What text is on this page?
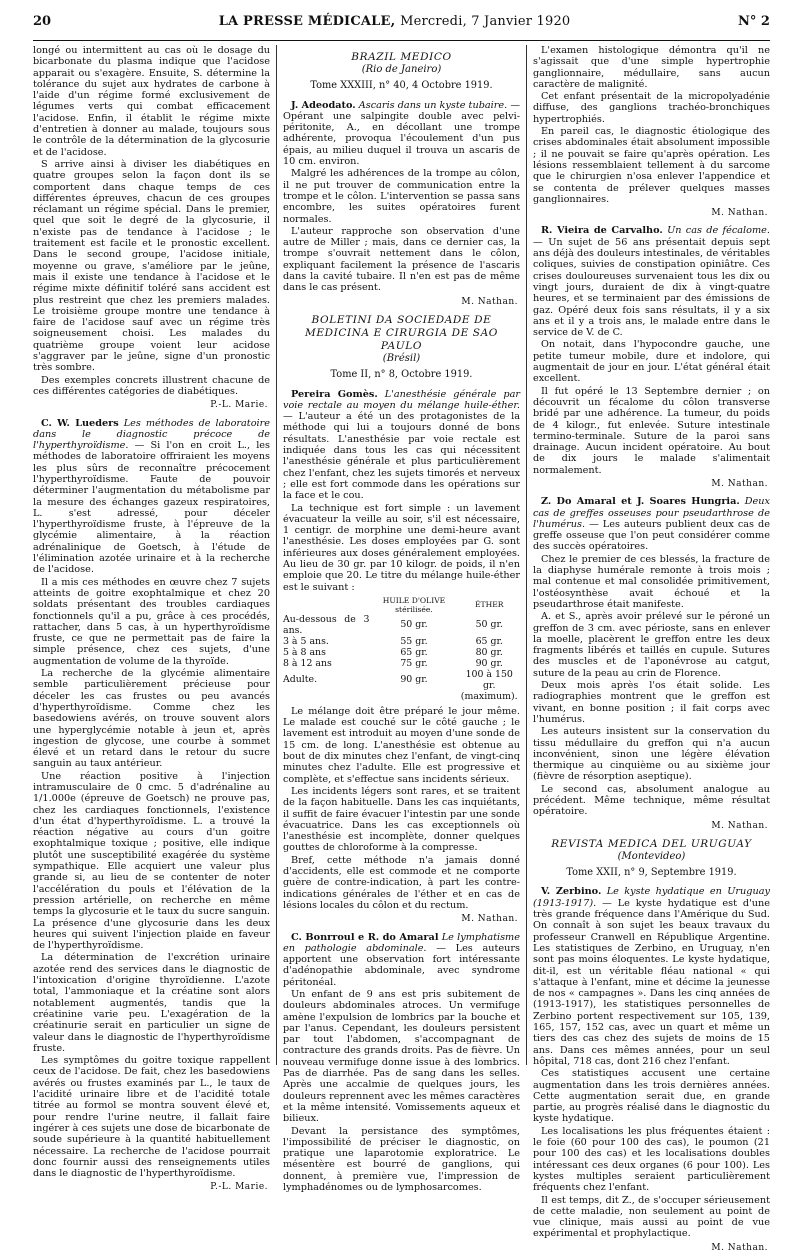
20	LA PRESSE MÉDICALE, Mercredi, 7 Janvier 1920	N° 2

longé ou intermittent au cas où le dosage du bicarbonate du plasma indique que l'acidose apparait ou s'exagère. Ensuite, S. détermine la tolérance du sujet aux hydrates de carbone à l'aide d'un régime formé exclusivement de légumes verts qui combat efficacement l'acidose. Enfin, il établit le régime mixte d'entretien à donner au malade, toujours sous le contrôle de la détermination de la glycosurie et de l'acidose.

S arrive ainsi à diviser les diabétiques en quatre groupes selon la façon dont ils se comportent dans chaque temps de ces différentes épreuves, chacun de ces groupes réclamant un régime spécial. Dans le premier, quel que soit le degré de la glycosurie, il n'existe pas de tendance à l'acidose ; le traitement est facile et le pronostic excellent. Dans le second groupe, l'acidose initiale, moyenne ou grave, s'améliore par le jeûne, mais il existe une tendance à l'acidose et le régime mixte définitif toléré sans accident est plus restreint que chez les premiers malades. Le troisième groupe montre une tendance à faire de l'acidose sauf avec un régime très soigneusement choisi. Les malades du quatrième groupe voient leur acidose s'aggraver par le jeûne, signe d'un pronostic très sombre.

Des exemples concrets illustrent chacune de ces différentes catégories de diabétiques.

P.-L. Marie.

C. W. Lueders Les méthodes de laboratoire dans le diagnostic précoce de l'hyperthyroïdisme. — Si l'on en croit L., les méthodes de laboratoire offriraient les moyens les plus sûrs de reconnaître précocement l'hyperthyroïdisme. Faute de pouvoir déterminer l'augmentation du métabolisme par la mesure des échanges gazeux respiratoires, L. s'est adressé, pour déceler l'hyperthyroïdisme fruste, à l'épreuve de la glycémie alimentaire, à la réaction adrénalinique de Goetsch, à l'étude de l'élimination azotée urinaire et à la recherche de l'acidose.

Il a mis ces méthodes en œuvre chez 7 sujets atteints de goitre exophtalmique et chez 20 soldats présentant des troubles cardiaques fonctionnels qu'il a pu, grâce à ces procédés, rattacher, dans 5 cas, à un hyperthyroïdisme fruste, ce que ne permettait pas de faire la simple présence, chez ces sujets, d'une augmentation de volume de la thyroïde.

La recherche de la glycémie alimentaire semble particulièrement précieuse pour déceler les cas frustes ou peu avancés d'hyperthyroïdisme. Comme chez les basedowiens avérés, on trouve souvent alors une hyperglycémie notable à jeun et, après ingestion de glycose, une courbe à sommet élevé et un retard dans le retour du sucre sanguin au taux antérieur.

Une réaction positive à l'injection intramusculaire de 0 cmc. 5 d'adrénaline au 1/1.000e (épreuve de Goetsch) ne prouve pas, chez les cardiaques fonctionnels, l'existence d'un état d'hyperthyroïdisme. L. a trouvé la réaction négative au cours d'un goitre exophtalmique toxique ; positive, elle indique plutôt une susceptibilité exagérée du système sympathique. Elle acquiert une valeur plus grande si, au lieu de se contenter de noter l'accélération du pouls et l'élévation de la pression artérielle, on recherche en même temps la glycosurie et le taux du sucre sanguin. La présence d'une glycosurie dans les deux heures qui suivent l'injection plaide en faveur de l'hyperthyroïdisme.

La détermination de l'excrétion urinaire azotée rend des services dans le diagnostic de l'intoxication d'origine thyroïdienne. L'azote total, l'ammoniaque et la créatine sont alors notablement augmentés, tandis que la créatinine varie peu. L'exagération de la créatinurie serait en particulier un signe de valeur dans le diagnostic de l'hyperthyroïdisme fruste.

Les symptômes du goitre toxique rappellent ceux de l'acidose. De fait, chez les basedowiens avérés ou frustes examinés par L., le taux de l'acidité urinaire libre et de l'acidité totale titrée au formol se montra souvent élevé et, pour rendre l'urine neutre, il fallait faire ingérer à ces sujets une dose de bicarbonate de soude supérieure à la quantité habituellement nécessaire. La recherche de l'acidose pourrait donc fournir aussi des renseignements utiles dans le diagnostic de l'hyperthyroïdisme.

P.-L. Marie.
BRAZIL MEDICO
(Rio de Janeiro)
Tome XXXIII, n° 40, 4 Octobre 1919.

J. Adeodato. Ascaris dans un kyste tubaire. — Opérant une salpingite double avec pelvi-péritonite, A., en décollant une trompe adhérente, provoqua l'écoulement d'un pus épais, au milieu duquel il trouva un ascaris de 10 cm. environ.

Malgré les adhérences de la trompe au côlon, il ne put trouver de communication entre la trompe et le côlon. L'intervention se passa sans encombre, les suites opératoires furent normales.

L'auteur rapproche son observation d'une autre de Miller ; mais, dans ce dernier cas, la trompe s'ouvrait nettement dans le côlon, expliquant facilement la présence de l'ascaris dans la cavité tubaire. Il n'en est pas de même dans le cas présent.

M. Nathan.
BOLETINI DA SOCIEDADE DE MEDICINA E CIRURGIA DE SAO PAULO
(Brésil)
Tome II, n° 8, Octobre 1919.

Pereira Gomès. L'anesthésie générale par voie rectale au moyen du mélange huile-éther. — L'auteur a été un des protagonistes de la méthode qui lui a toujours donné de bons résultats. L'anesthésie par voie rectale est indiquée dans tous les cas qui nécessitent l'anesthésie générale et plus particulièrement chez l'enfant, chez les sujets timorés et nerveux ; elle est fort commode dans les opérations sur la face et le cou.

La technique est fort simple : un lavement évacuateur la veille au soir, s'il est nécessaire, 1 centigr. de morphine une demi-heure avant l'anesthésie. Les doses employées par G. sont inférieures aux doses généralement employées. Au lieu de 30 gr. par 10 kilogr. de poids, il n'en emploie que 20. Le titre du mélange huile-éther est le suivant :

	HUILE D'OLIVE stérilisée.	ÉTHER
Au-dessous de 3 ans.	50 gr.	50 gr.
3 à 5 ans.	55 gr.	65 gr.
5 à 8 ans	65 gr.	80 gr.
8 à 12 ans	75 gr.	90 gr.
Adulte.	90 gr.	100 à 150 gr.
		(maximum).

Le mélange doit être préparé le jour même. Le malade est couché sur le côté gauche ; le lavement est introduit au moyen d'une sonde de 15 cm. de long. L'anesthésie est obtenue au bout de dix minutes chez l'enfant, de vingt-cinq minutes chez l'adulte. Elle est progressive et complète, et s'effectue sans incidents sérieux.

Les incidents légers sont rares, et se traitent de la façon habituelle. Dans les cas inquiétants, il suffit de faire évacuer l'intestin par une sonde évacuatrice. Dans les cas exceptionnels où l'anesthésie est incomplète, donner quelques gouttes de chloroforme à la compresse.

Bref, cette méthode n'a jamais donné d'accidents, elle est commode et ne comporte guère de contre-indication, à part les contre-indications générales de l'éther et en cas de lésions locales du côlon et du rectum.

M. Nathan.

C. Bonrroul e R. do Amaral Le lymphatisme en pathologie abdominale. — Les auteurs apportent une observation fort intéressante d'adénopathie abdominale, avec syndrome péritonéal.

Un enfant de 9 ans est pris subitement de douleurs abdominales atroces. Un vermifuge amène l'expulsion de lombrics par la bouche et par l'anus. Cependant, les douleurs persistent par tout l'abdomen, s'accompagnant de contracture des grands droits. Pas de fièvre. Un nouveau vermifuge donne issue à des lombrics. Pas de diarrhée. Pas de sang dans les selles. Après une accalmie de quelques jours, les douleurs reprennent avec les mêmes caractères et la même intensité. Vomissements aqueux et bilieux.

Devant la persistance des symptômes, l'impossibilité de préciser le diagnostic, on pratique une laparotomie exploratrice. Le mésentère est bourré de ganglions, qui donnent, à première vue, l'impression de lymphadénomes ou de lymphosarcomes.

L'examen histologique démontra qu'il ne s'agissait que d'une simple hypertrophie ganglionnaire, médullaire, sans aucun caractère de malignité.

Cet enfant présentait de la micropolyadénie diffuse, des ganglions trachéo-bronchiques hypertrophiés.

En pareil cas, le diagnostic étiologique des crises abdominales était absolument impossible ; il ne pouvait se faire qu'après opération. Les lésions ressemblaient tellement à du sarcome que le chirurgien n'osa enlever l'appendice et se contenta de prélever quelques masses ganglionnaires.

M. Nathan.

R. Vieira de Carvalho. Un cas de fécalome. — Un sujet de 56 ans présentait depuis sept ans déjà des douleurs intestinales, de véritables coliques, suivies de constipation opiniâtre. Ces crises douloureuses survenaient tous les dix ou vingt jours, duraient de dix à vingt-quatre heures, et se terminaient par des émissions de gaz. Opéré deux fois sans résultats, il y a six ans et il y a trois ans, le malade entre dans le service de V. de C.

On notait, dans l'hypocondre gauche, une petite tumeur mobile, dure et indolore, qui augmentait de jour en jour. L'état général était excellent.

Il fut opéré le 13 Septembre dernier ; on découvrit un fécalome du côlon transverse bridé par une adhérence. La tumeur, du poids de 4 kilogr., fut enlevée. Suture intestinale termino-terminale. Suture de la paroi sans drainage. Aucun incident opératoire. Au bout de dix jours le malade s'alimentait normalement.

M. Nathan.

Z. Do Amaral et J. Soares Hungria. Deux cas de greffes osseuses pour pseudarthrose de l'humérus. — Les auteurs publient deux cas de greffe osseuse que l'on peut considérer comme des succès opératoires.

Chez le premier de ces blessés, la fracture de la diaphyse humérale remonte à trois mois ; mal contenue et mal consolidée primitivement, l'ostéosynthèse avait échoué et la pseudarthrose était manifeste.

A. et S., après avoir prélevé sur le péroné un greffon de 3 cm. avec périoste, sans en enlever la moelle, placèrent le greffon entre les deux fragments libérés et taillés en cupule. Sutures des muscles et de l'aponévrose au catgut, suture de la peau au crin de Florence.

Deux mois après l'os était solide. Les radiographies montrent que le greffon est vivant, en bonne position ; il fait corps avec l'humérus.

Les auteurs insistent sur la conservation du tissu médullaire du greffon qui n'a aucun inconvénient, sinon une légère élévation thermique au cinquième ou au sixième jour (fièvre de résorption aseptique).

Le second cas, absolument analogue au précédent. Même technique, même résultat opératoire.

M. Nathan.
REVISTA MEDICA DEL URUGUAY
(Montevideo)
Tome XXII, n° 9, Septembre 1919.

V. Zerbino. Le kyste hydatique en Uruguay (1913-1917). — Le kyste hydatique est d'une très grande fréquence dans l'Amérique du Sud. On connaît à son sujet les beaux travaux du professeur Cranwell en République Argentine. Les statistiques de Zerbino, en Uruguay, n'en sont pas moins éloquentes. Le kyste hydatique, dit-il, est un véritable fléau national « qui s'attaque à l'enfant, mine et décime la jeunesse de nos « campagnes ». Dans les cinq années de (1913-1917), les statistiques personnelles de Zerbino portent respectivement sur 105, 139, 165, 157, 152 cas, avec un quart et même un tiers des cas chez des sujets de moins de 15 ans. Dans ces mêmes années, pour un seul hôpital, 718 cas, dont 216 chez l'enfant.

Ces statistiques accusent une certaine augmentation dans les trois dernières années. Cette augmentation serait due, en grande partie, au progrès réalisé dans le diagnostic du kyste hydatique.

Les localisations les plus fréquentes étaient : le foie (60 pour 100 des cas), le poumon (21 pour 100 des cas) et les localisations doubles intéressant ces deux organes (6 pour 100). Les kystes multiples seraient particulièrement fréquents chez l'enfant.

Il est temps, dit Z., de s'occuper sérieusement de cette maladie, non seulement au point de vue clinique, mais aussi au point de vue expérimental et prophylactique.

M. Nathan.
